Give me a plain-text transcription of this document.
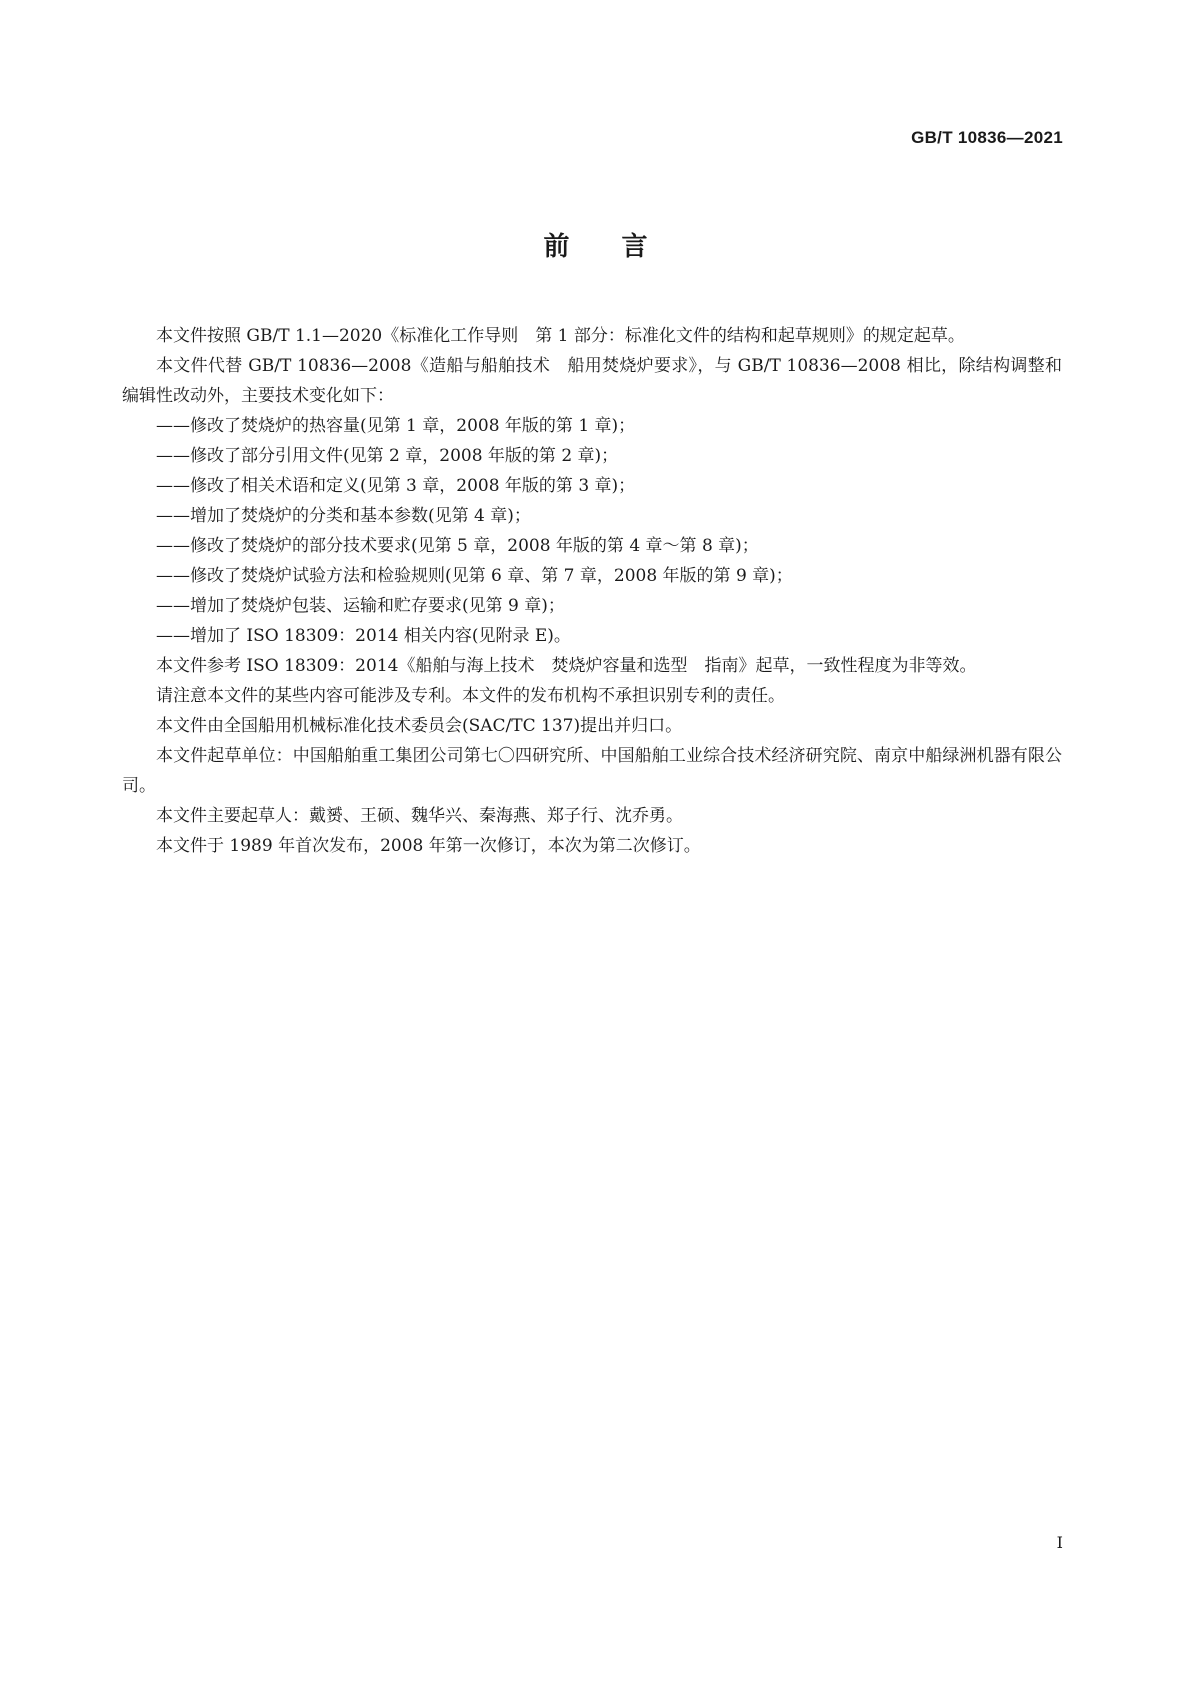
GB/T 10836—2021
前 言

本文件按照 GB/T 1.1—2020《标准化工作导则　第 1 部分：标准化文件的结构和起草规则》的规定起草。

本文件代替 GB/T 10836—2008《造船与船舶技术　船用焚烧炉要求》，与 GB/T 10836—2008 相比，除结构调整和编辑性改动外，主要技术变化如下：

——修改了焚烧炉的热容量(见第 1 章，2008 年版的第 1 章)；

——修改了部分引用文件(见第 2 章，2008 年版的第 2 章)；

——修改了相关术语和定义(见第 3 章，2008 年版的第 3 章)；

——增加了焚烧炉的分类和基本参数(见第 4 章)；

——修改了焚烧炉的部分技术要求(见第 5 章，2008 年版的第 4 章～第 8 章)；

——修改了焚烧炉试验方法和检验规则(见第 6 章、第 7 章，2008 年版的第 9 章)；

——增加了焚烧炉包装、运输和贮存要求(见第 9 章)；

——增加了 ISO 18309：2014 相关内容(见附录 E)。

本文件参考 ISO 18309：2014《船舶与海上技术　焚烧炉容量和选型　指南》起草，一致性程度为非等效。

请注意本文件的某些内容可能涉及专利。本文件的发布机构不承担识别专利的责任。

本文件由全国船用机械标准化技术委员会(SAC/TC 137)提出并归口。

本文件起草单位：中国船舶重工集团公司第七〇四研究所、中国船舶工业综合技术经济研究院、南京中船绿洲机器有限公司。

本文件主要起草人：戴赟、王硕、魏华兴、秦海燕、郑子行、沈乔勇。

本文件于 1989 年首次发布，2008 年第一次修订，本次为第二次修订。

I
